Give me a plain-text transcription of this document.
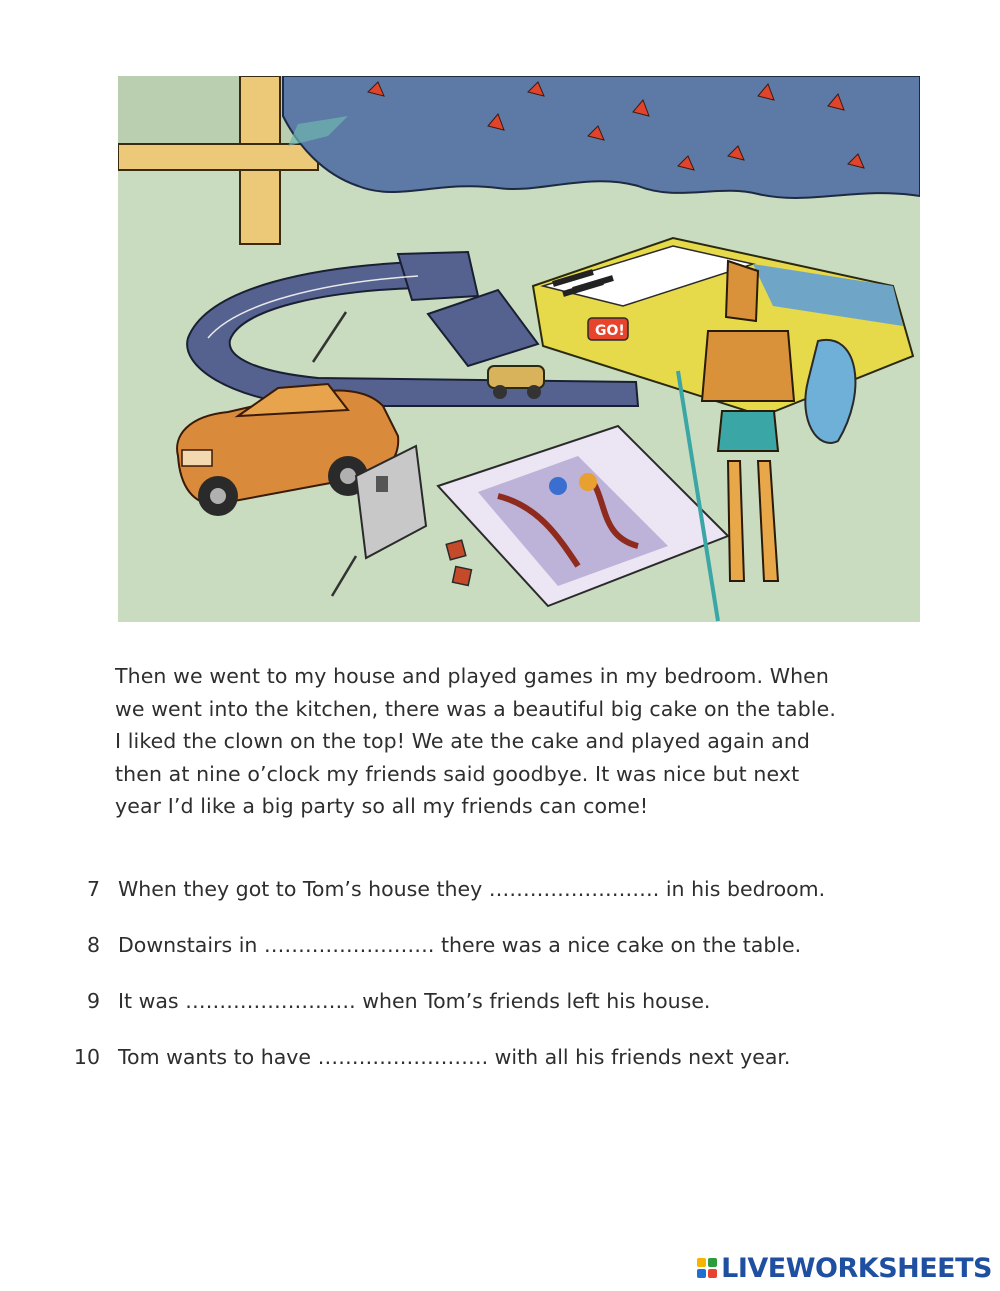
GO!
Then we went to my house and played games in my bedroom. When
we went into the kitchen, there was a beautiful big cake on the table.
I liked the clown on the top! We ate the cake and played again and
then at nine o’clock my friends said goodbye. It was nice but next
year I’d like a big party so all my friends can come!
7 When they got to Tom’s house they
…………………….
in his bedroom.
8 Downstairs in
…………………….
there was a nice cake on the table.
9 It was
…………………….
when Tom’s friends left his house.
10 Tom wants to have
…………………….
with all his friends next year.
LIVEWORKSHEETS
